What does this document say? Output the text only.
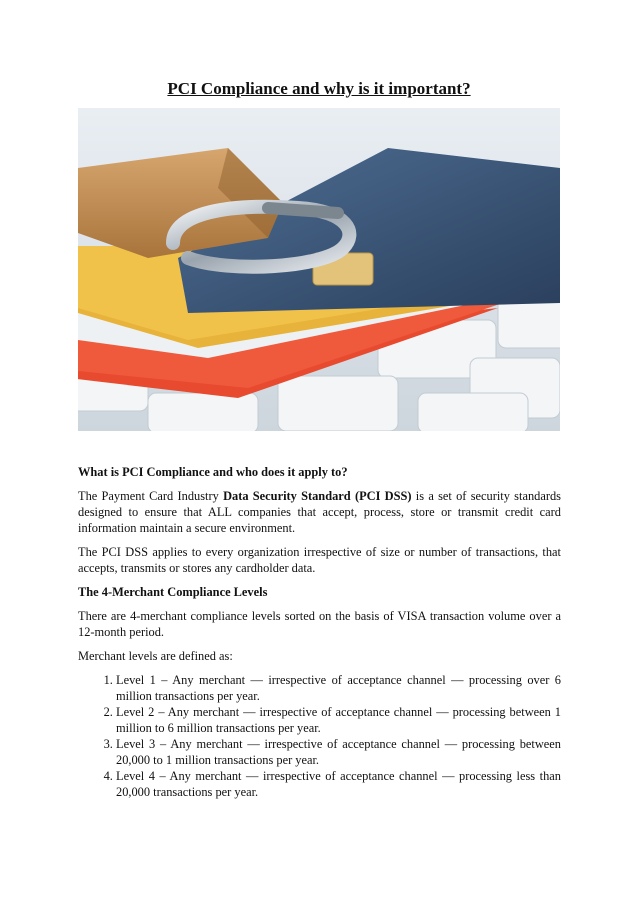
PCI Compliance and why is it important?

What is PCI Compliance and who does it apply to?

The Payment Card Industry Data Security Standard (PCI DSS) is a set of security standards designed to ensure that ALL companies that accept, process, store or transmit credit card information maintain a secure environment.

The PCI DSS applies to every organization irrespective of size or number of transactions, that accepts, transmits or stores any cardholder data.

The 4-Merchant Compliance Levels

There are 4-merchant compliance levels sorted on the basis of VISA transaction volume over a 12-month period.

Merchant levels are defined as:

1. Level 1 – Any merchant — irrespective of acceptance channel — processing over 6 million transactions per year.
2. Level 2 – Any merchant — irrespective of acceptance channel — processing between 1 million to 6 million transactions per year.
3. Level 3 – Any merchant — irrespective of acceptance channel — processing between 20,000 to 1 million transactions per year.
4. Level 4 – Any merchant — irrespective of acceptance channel — processing less than 20,000 transactions per year.
